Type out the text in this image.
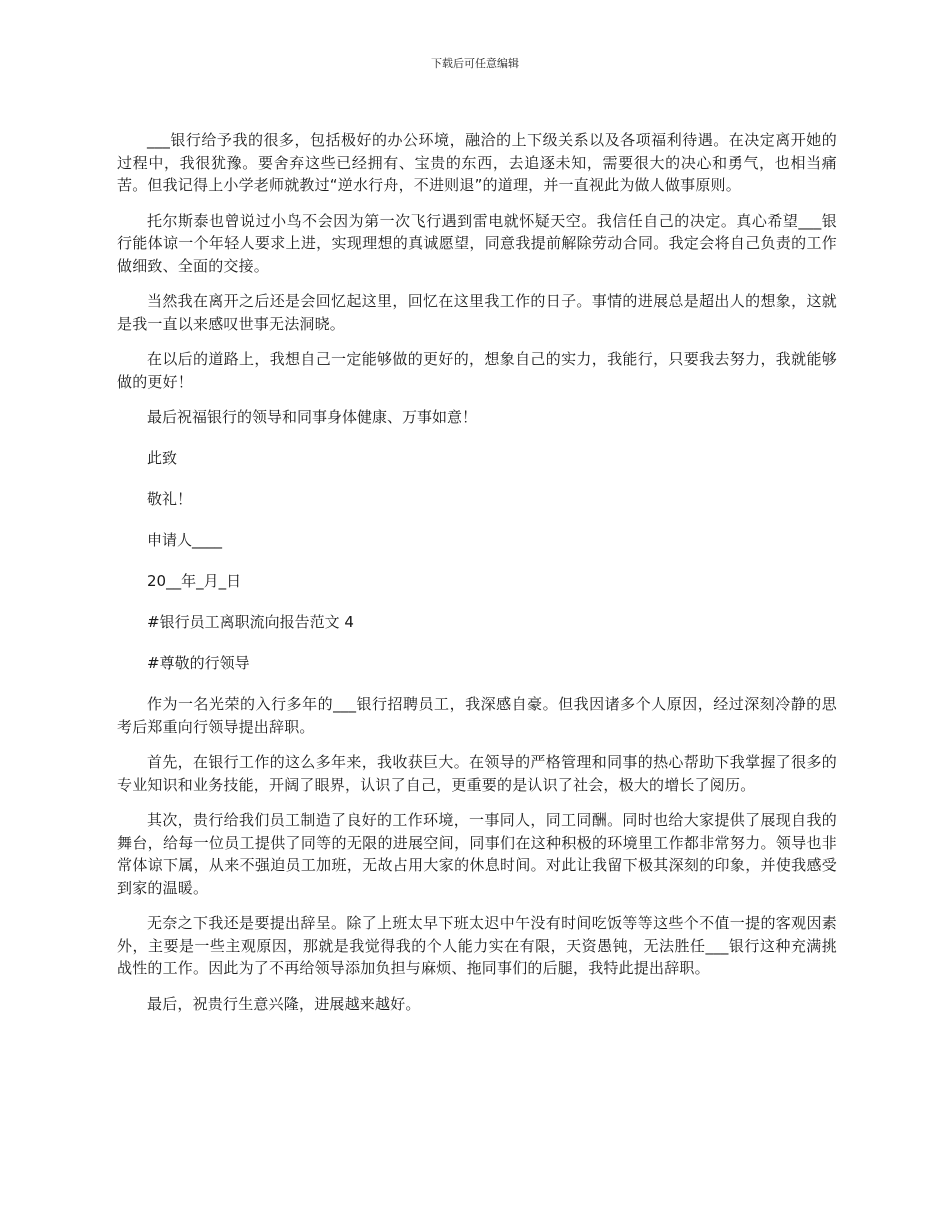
下载后可任意编辑

___银行给予我的很多，包括极好的办公环境，融洽的上下级关系以及各项福利待遇。在决定离开她的过程中，我很犹豫。要舍弃这些已经拥有、宝贵的东西，去追逐未知，需要很大的决心和勇气，也相当痛苦。但我记得上小学老师就教过“逆水行舟，不进则退”的道理，并一直视此为做人做事原则。

托尔斯泰也曾说过小鸟不会因为第一次飞行遇到雷电就怀疑天空。我信任自己的决定。真心希望___银行能体谅一个年轻人要求上进，实现理想的真诚愿望，同意我提前解除劳动合同。我定会将自己负责的工作做细致、全面的交接。

当然我在离开之后还是会回忆起这里，回忆在这里我工作的日子。事情的进展总是超出人的想象，这就是我一直以来感叹世事无法洞晓。

在以后的道路上，我想自己一定能够做的更好的，想象自己的实力，我能行，只要我去努力，我就能够做的更好！

最后祝福银行的领导和同事身体健康、万事如意！

此致

敬礼！

申请人____

20__年_月_日

#银行员工离职流向报告范文 4

#尊敬的行领导

作为一名光荣的入行多年的___银行招聘员工，我深感自豪。但我因诸多个人原因，经过深刻冷静的思考后郑重向行领导提出辞职。

首先，在银行工作的这么多年来，我收获巨大。在领导的严格管理和同事的热心帮助下我掌握了很多的专业知识和业务技能，开阔了眼界，认识了自己，更重要的是认识了社会，极大的增长了阅历。

其次，贵行给我们员工制造了良好的工作环境，一事同人，同工同酬。同时也给大家提供了展现自我的舞台，给每一位员工提供了同等的无限的进展空间，同事们在这种积极的环境里工作都非常努力。领导也非常体谅下属，从来不强迫员工加班，无故占用大家的休息时间。对此让我留下极其深刻的印象，并使我感受到家的温暖。

无奈之下我还是要提出辞呈。除了上班太早下班太迟中午没有时间吃饭等等这些个不值一提的客观因素外，主要是一些主观原因，那就是我觉得我的个人能力实在有限，天资愚钝，无法胜任___银行这种充满挑战性的工作。因此为了不再给领导添加负担与麻烦、拖同事们的后腿，我特此提出辞职。

最后，祝贵行生意兴隆，进展越来越好。
